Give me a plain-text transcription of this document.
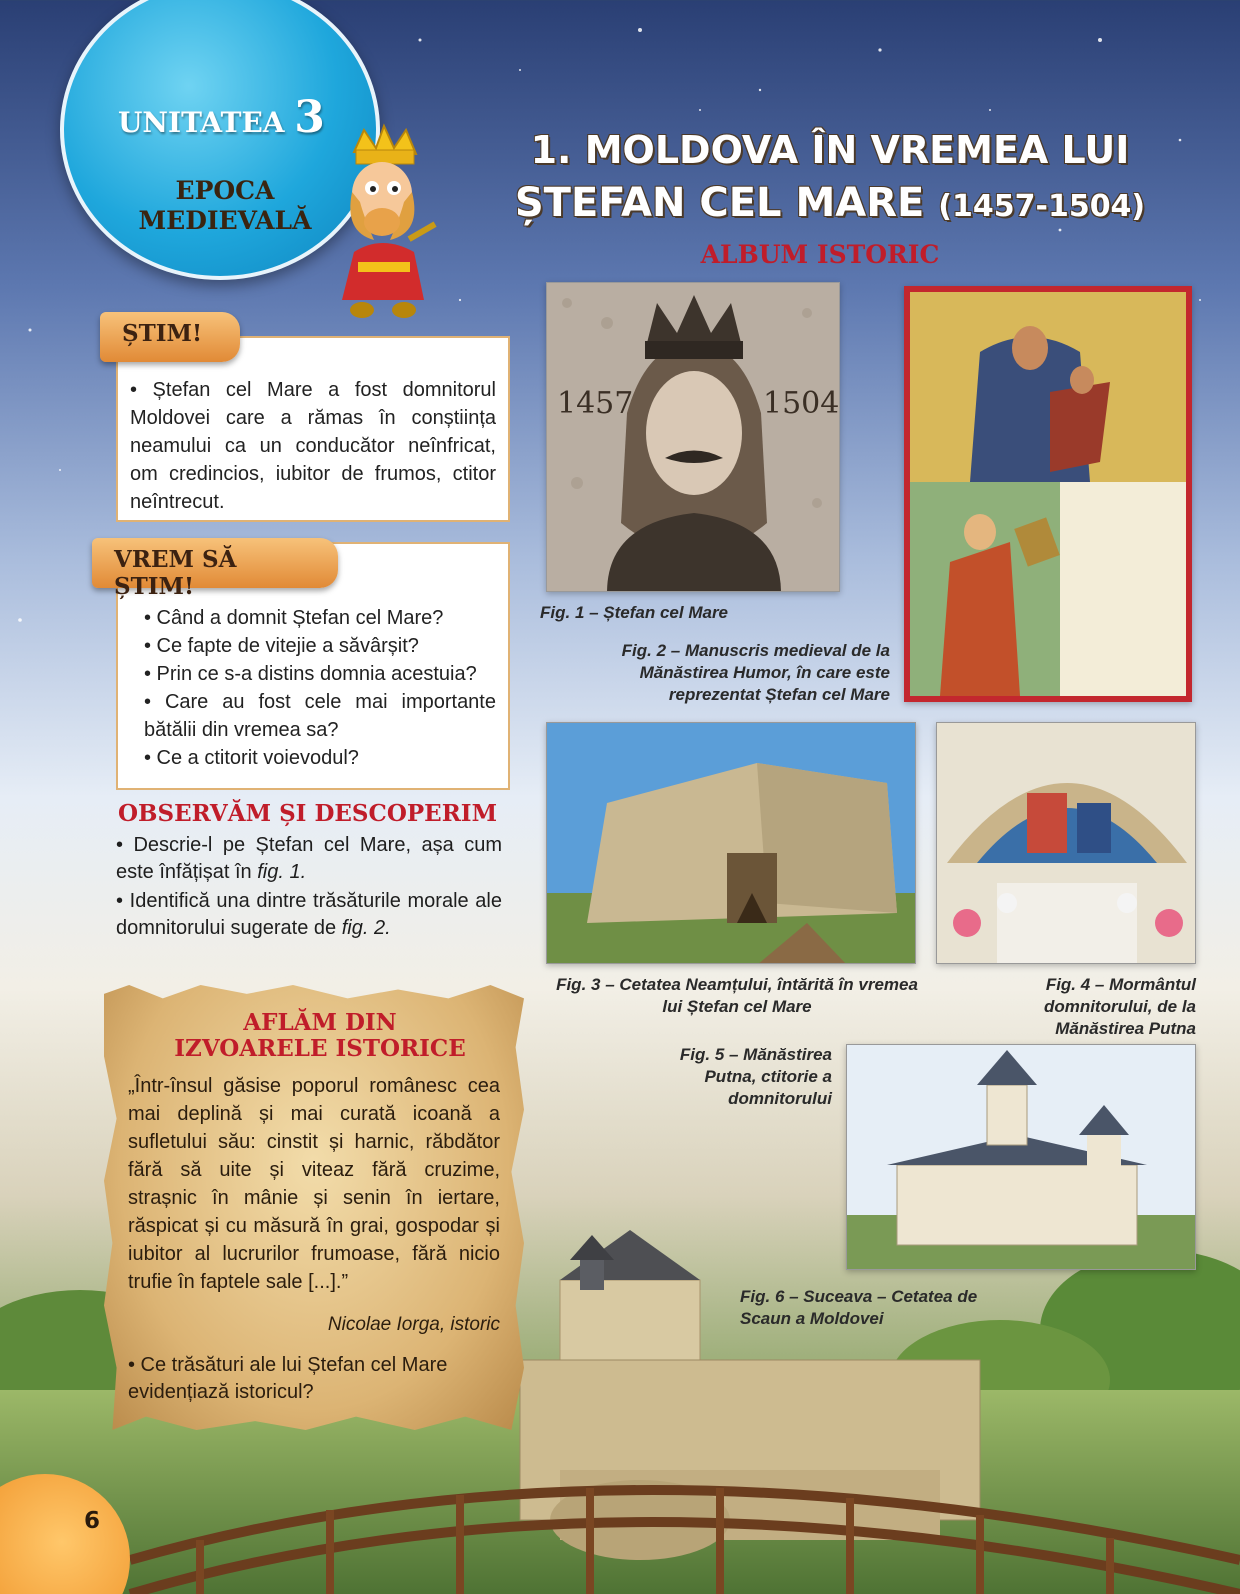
UNITATEA 3
EPOCA MEDIEVALĂ
1. MOLDOVA ÎN VREMEA LUI
ȘTEFAN CEL MARE (1457-1504)
ALBUM ISTORIC

• Ștefan cel Mare a fost domnitorul Moldovei care a rămas în conștiința neamului ca un conducător neînfricat, om credincios, iubitor de frumos, ctitor neîntrecut.

ȘTIM!

• Când a domnit Ștefan cel Mare?

• Ce fapte de vitejie a săvârșit?

• Prin ce s-a distins domnia acestuia?

• Care au fost cele mai importante bătălii din vremea sa?

• Ce a ctitorit voievodul?

VREM SĂ ȘTIM!
OBSERVĂM ȘI DESCOPERIM

• Descrie-l pe Ștefan cel Mare, așa cum este înfățișat în fig. 1.

• Identifică una dintre trăsăturile morale ale domnitorului sugerate de fig. 2.

AFLĂM DIN
IZVOARELE ISTORICE
„Într-însul găsise poporul românesc cea mai deplină și mai curată icoană a sufletului său: cinstit și harnic, răbdător fără să uite și viteaz fără cruzime, strașnic în mânie și senin în iertare, răspicat și cu măsură în grai, gospodar și iubitor al lucrurilor frumoase, fără nicio trufie în faptele sale [...].”
Nicolae Iorga, istoric
• Ce trăsături ale lui Ștefan cel Mare evidențiază istoricul?
1457	1504
Fig. 1 – Ștefan cel Mare
Fig. 2 – Manuscris medieval de la Mănăstirea Humor, în care este reprezentat Ștefan cel Mare
Fig. 3 – Cetatea Neamțului, întărită în vremea lui Ștefan cel Mare
Fig. 4 – Mormântul domnitorului, de la Mănăstirea Putna
Fig. 5 – Mănăstirea Putna, ctitorie a domnitorului
Fig. 6 – Suceava – Cetatea de Scaun a Moldovei
6
